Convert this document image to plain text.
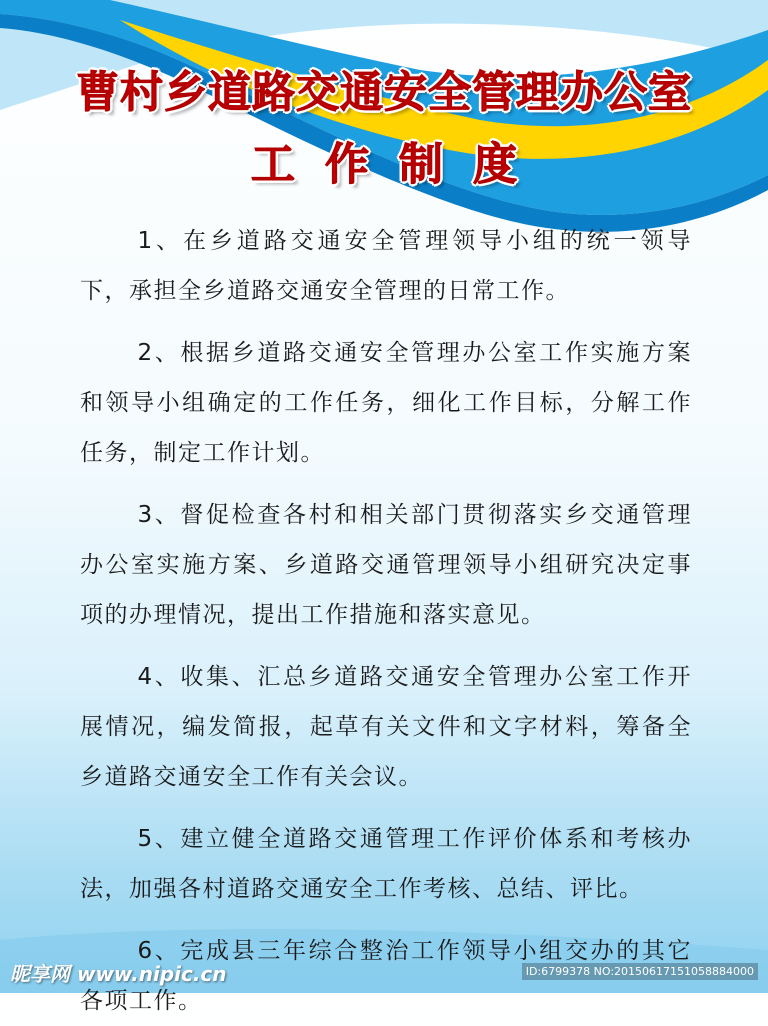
曹村乡道路交通安全管理办公室
工作制度

1、在乡道路交通安全管理领导小组的统一领导下，承担全乡道路交通安全管理的日常工作。

2、根据乡道路交通安全管理办公室工作实施方案和领导小组确定的工作任务，细化工作目标，分解工作任务，制定工作计划。

3、督促检查各村和相关部门贯彻落实乡交通管理办公室实施方案、乡道路交通管理领导小组研究决定事项的办理情况，提出工作措施和落实意见。

4、收集、汇总乡道路交通安全管理办公室工作开展情况，编发简报，起草有关文件和文字材料，筹备全乡道路交通安全工作有关会议。

5、建立健全道路交通管理工作评价体系和考核办法，加强各村道路交通安全工作考核、总结、评比。

6、完成县三年综合整治工作领导小组交办的其它各项工作。

昵享网 www.nipic.cn	ID:6799378 NO:20150617151058884000
